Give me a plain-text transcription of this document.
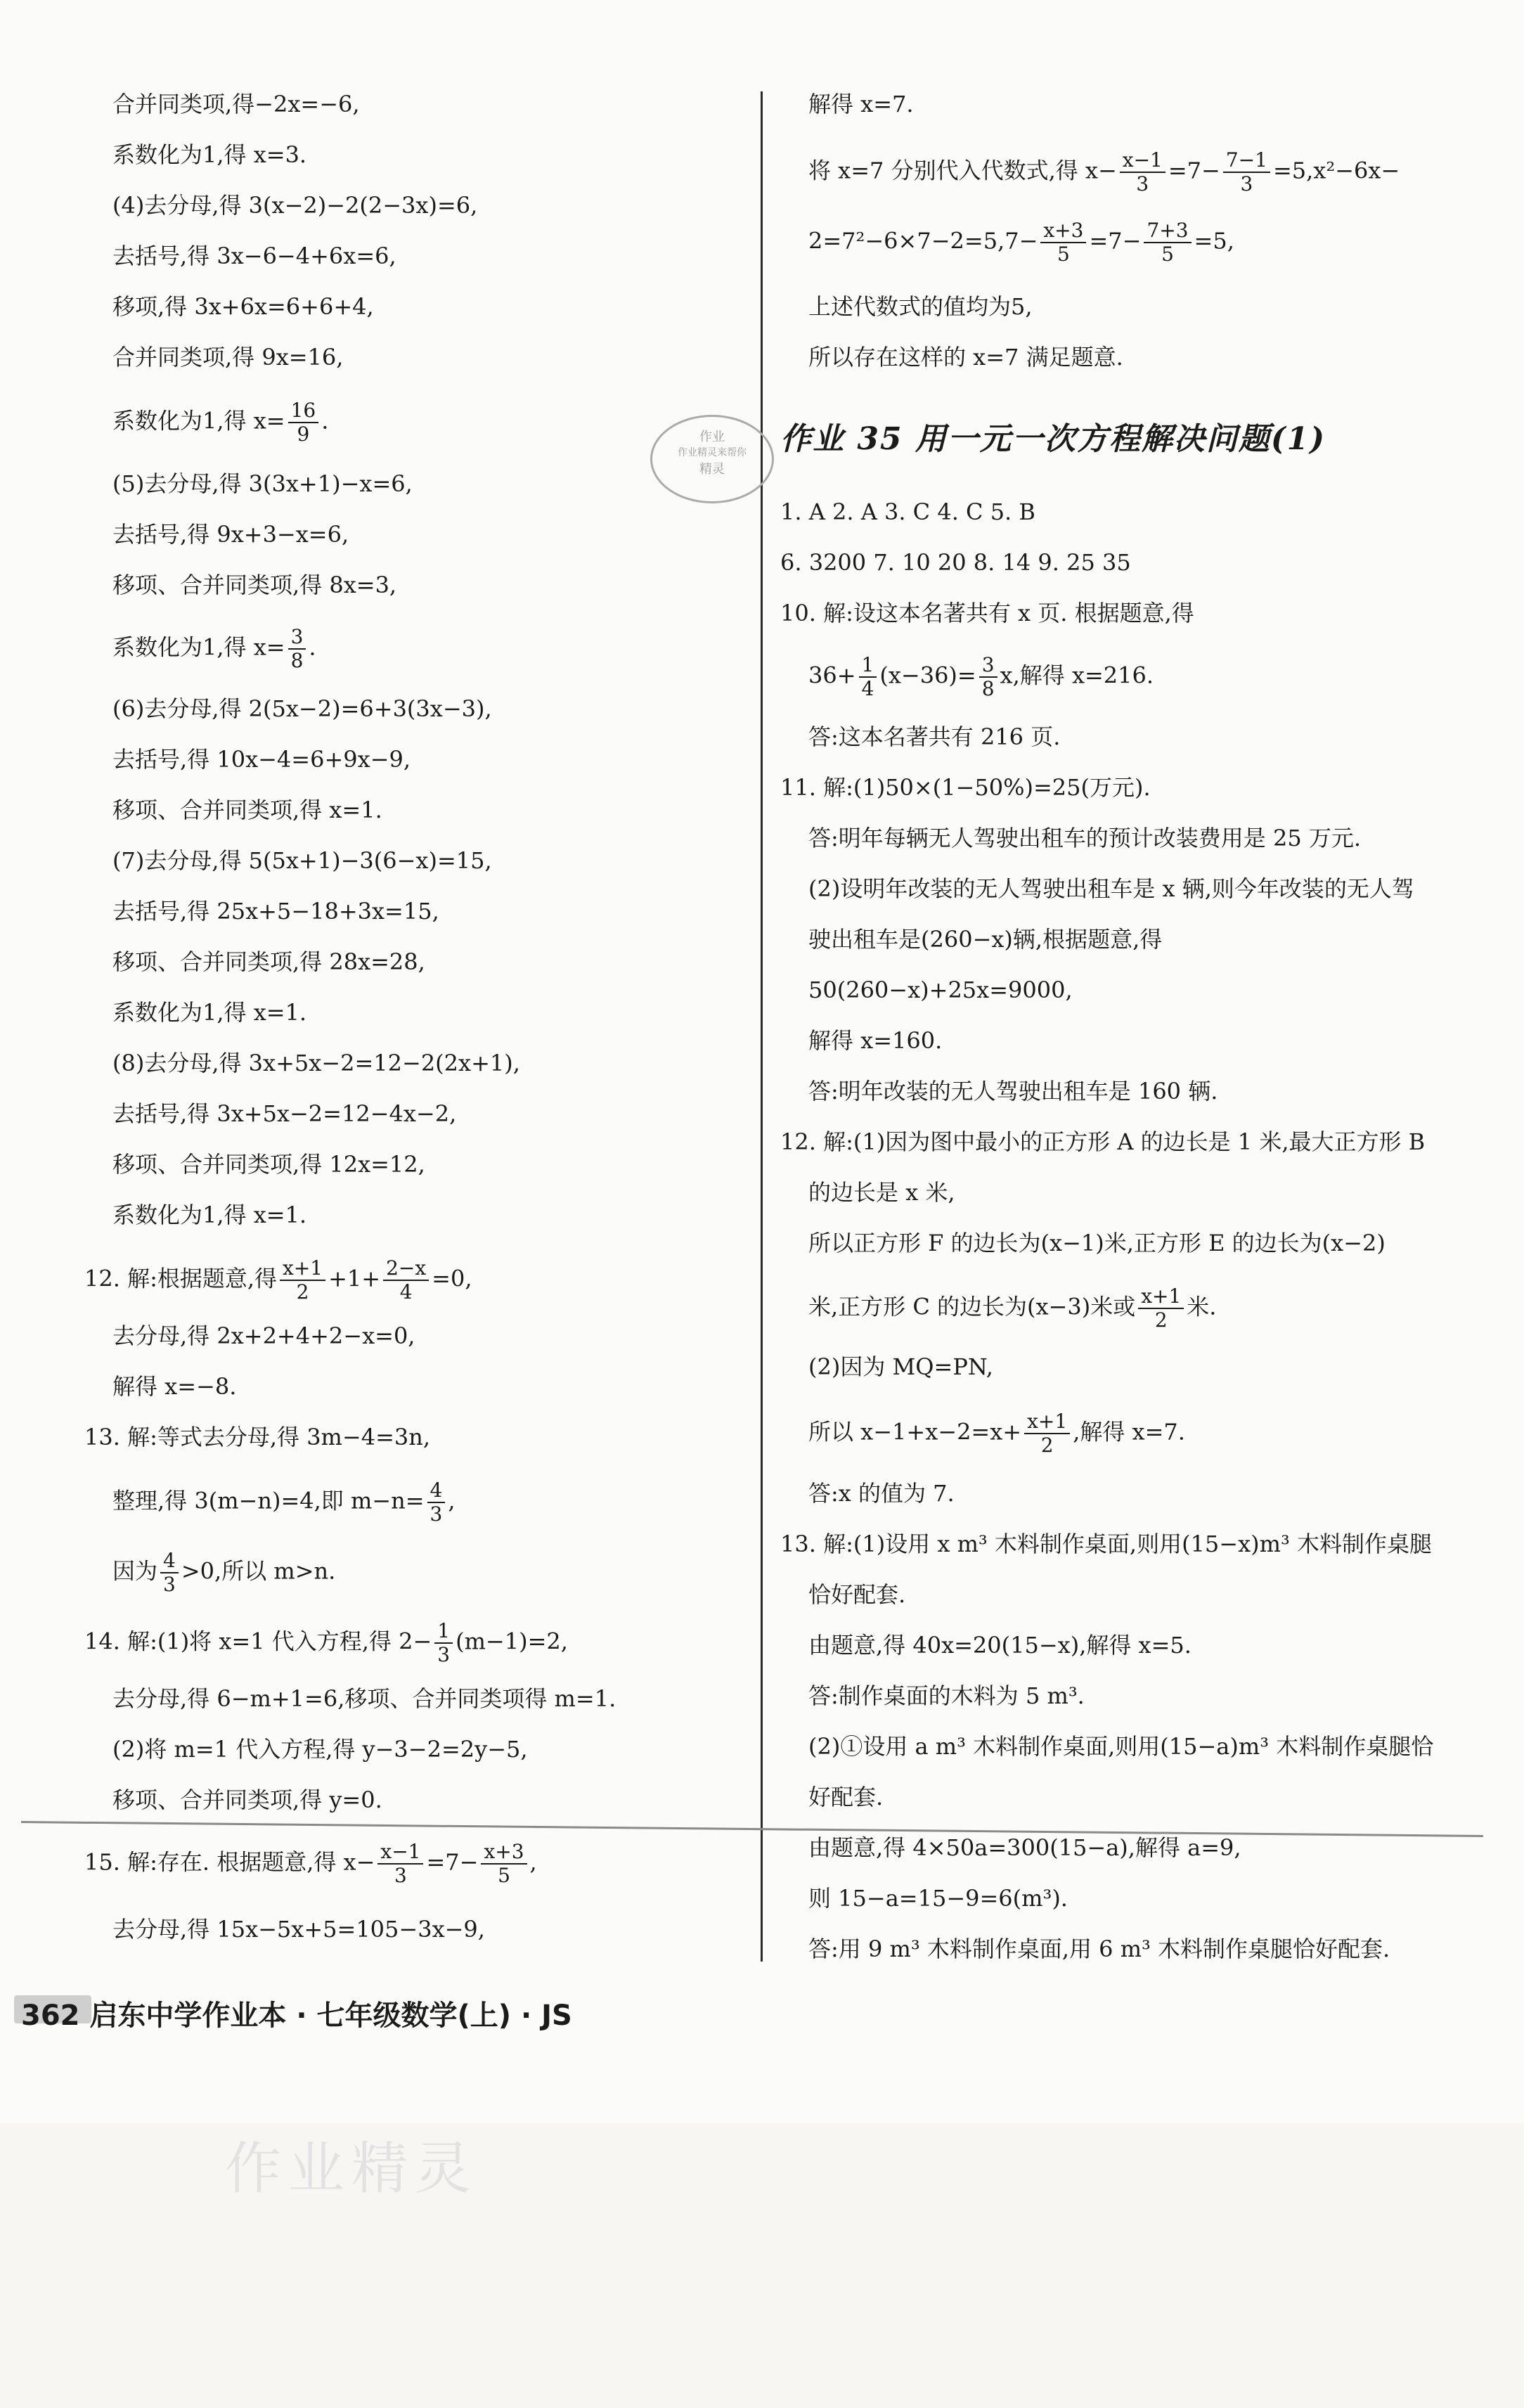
作业
作业精灵来帮你
精灵
合并同类项,得−2x=−6,
系数化为1,得 x=3.
(4)去分母,得 3(x−2)−2(2−3x)=6,
去括号,得 3x−6−4+6x=6,
移项,得 3x+6x=6+6+4,
合并同类项,得 9x=16,
系数化为1,得 $x= \frac{16}{9}$ .
(5)去分母,得 3(3x+1)−x=6,
去括号,得 9x+3−x=6,
移项、合并同类项,得 8x=3,
系数化为1,得 $x= \frac{3}{8}$ .
(6)去分母,得 2(5x−2)=6+3(3x−3),
去括号,得 10x−4=6+9x−9,
移项、合并同类项,得 x=1.
(7)去分母,得 5(5x+1)−3(6−x)=15,
去括号,得 25x+5−18+3x=15,
移项、合并同类项,得 28x=28,
系数化为1,得 x=1.
(8)去分母,得 3x+5x−2=12−2(2x+1),
去括号,得 3x+5x−2=12−4x−2,
移项、合并同类项,得 12x=12,
系数化为1,得 x=1.
12. 解:根据题意,得 $\frac{x+1}{2} +1+ \frac{2-x}{4} =0$,
去分母,得 2x+2+4+2−x=0,
解得 x=−8.
13. 解:等式去分母,得 3m−4=3n,
整理,得 3(m−n)=4,即 $m-n= \frac{4}{3}$ ,
因为 $\frac{4}{3} >0$,所以 m>n.
14. 解:(1)将 x=1 代入方程,得 $2- \frac{1}{3} (m-1)=2$,
去分母,得 6−m+1=6,移项、合并同类项得 m=1.
(2)将 m=1 代入方程,得 y−3−2=2y−5,
移项、合并同类项,得 y=0.
15. 解:存在. 根据题意,得 $x- \frac{x-1}{3} =7- \frac{x+3}{5}$ ,
去分母,得 15x−5x+5=105−3x−9,
解得 x=7.
将 x=7 分别代入代数式,得 $x- \frac{x-1}{3} =7- \frac{7-1}{3} =5,x^2-6x-$
$2=7^2-6\times 7-2=5,7- \frac{x+3}{5} =7- \frac{7+3}{5} =5$,
上述代数式的值均为5,
所以存在这样的 x=7 满足题意.
作业 35 用一元一次方程解决问题(1)
1. A 2. A 3. C 4. C 5. B
6. 3200 7. 10 20 8. 14 9. 25 35
10. 解:设这本名著共有 x 页. 根据题意,得
$36+ \frac{1}{4} (x-36)= \frac{3}{8} x$,解得 x=216.
答:这本名著共有 216 页.
11. 解:(1)50×(1−50%)=25(万元).
答:明年每辆无人驾驶出租车的预计改装费用是 25 万元.
(2)设明年改装的无人驾驶出租车是 x 辆,则今年改装的无人驾
驶出租车是(260−x)辆,根据题意,得
50(260−x)+25x=9000,
解得 x=160.
答:明年改装的无人驾驶出租车是 160 辆.
12. 解:(1)因为图中最小的正方形 A 的边长是 1 米,最大正方形 B
的边长是 x 米,
所以正方形 F 的边长为(x−1)米,正方形 E 的边长为(x−2)
米,正方形 C 的边长为(x−3)米或 $\frac{x+1}{2}$ 米.
(2)因为 MQ=PN,
所以 $x-1+x-2=x+ \frac{x+1}{2}$ ,解得 x=7.
答:x 的值为 7.
13. 解:(1)设用 x m³ 木料制作桌面,则用(15−x)m³ 木料制作桌腿
恰好配套.
由题意,得 40x=20(15−x),解得 x=5.
答:制作桌面的木料为 5 m³.
(2)①设用 a m³ 木料制作桌面,则用(15−a)m³ 木料制作桌腿恰
好配套.
由题意,得 4×50a=300(15−a),解得 a=9,
则 15−a=15−9=6(m³).
答:用 9 m³ 木料制作桌面,用 6 m³ 木料制作桌腿恰好配套.
362 启东中学作业本 · 七年级数学(上) · JS
作业精灵
